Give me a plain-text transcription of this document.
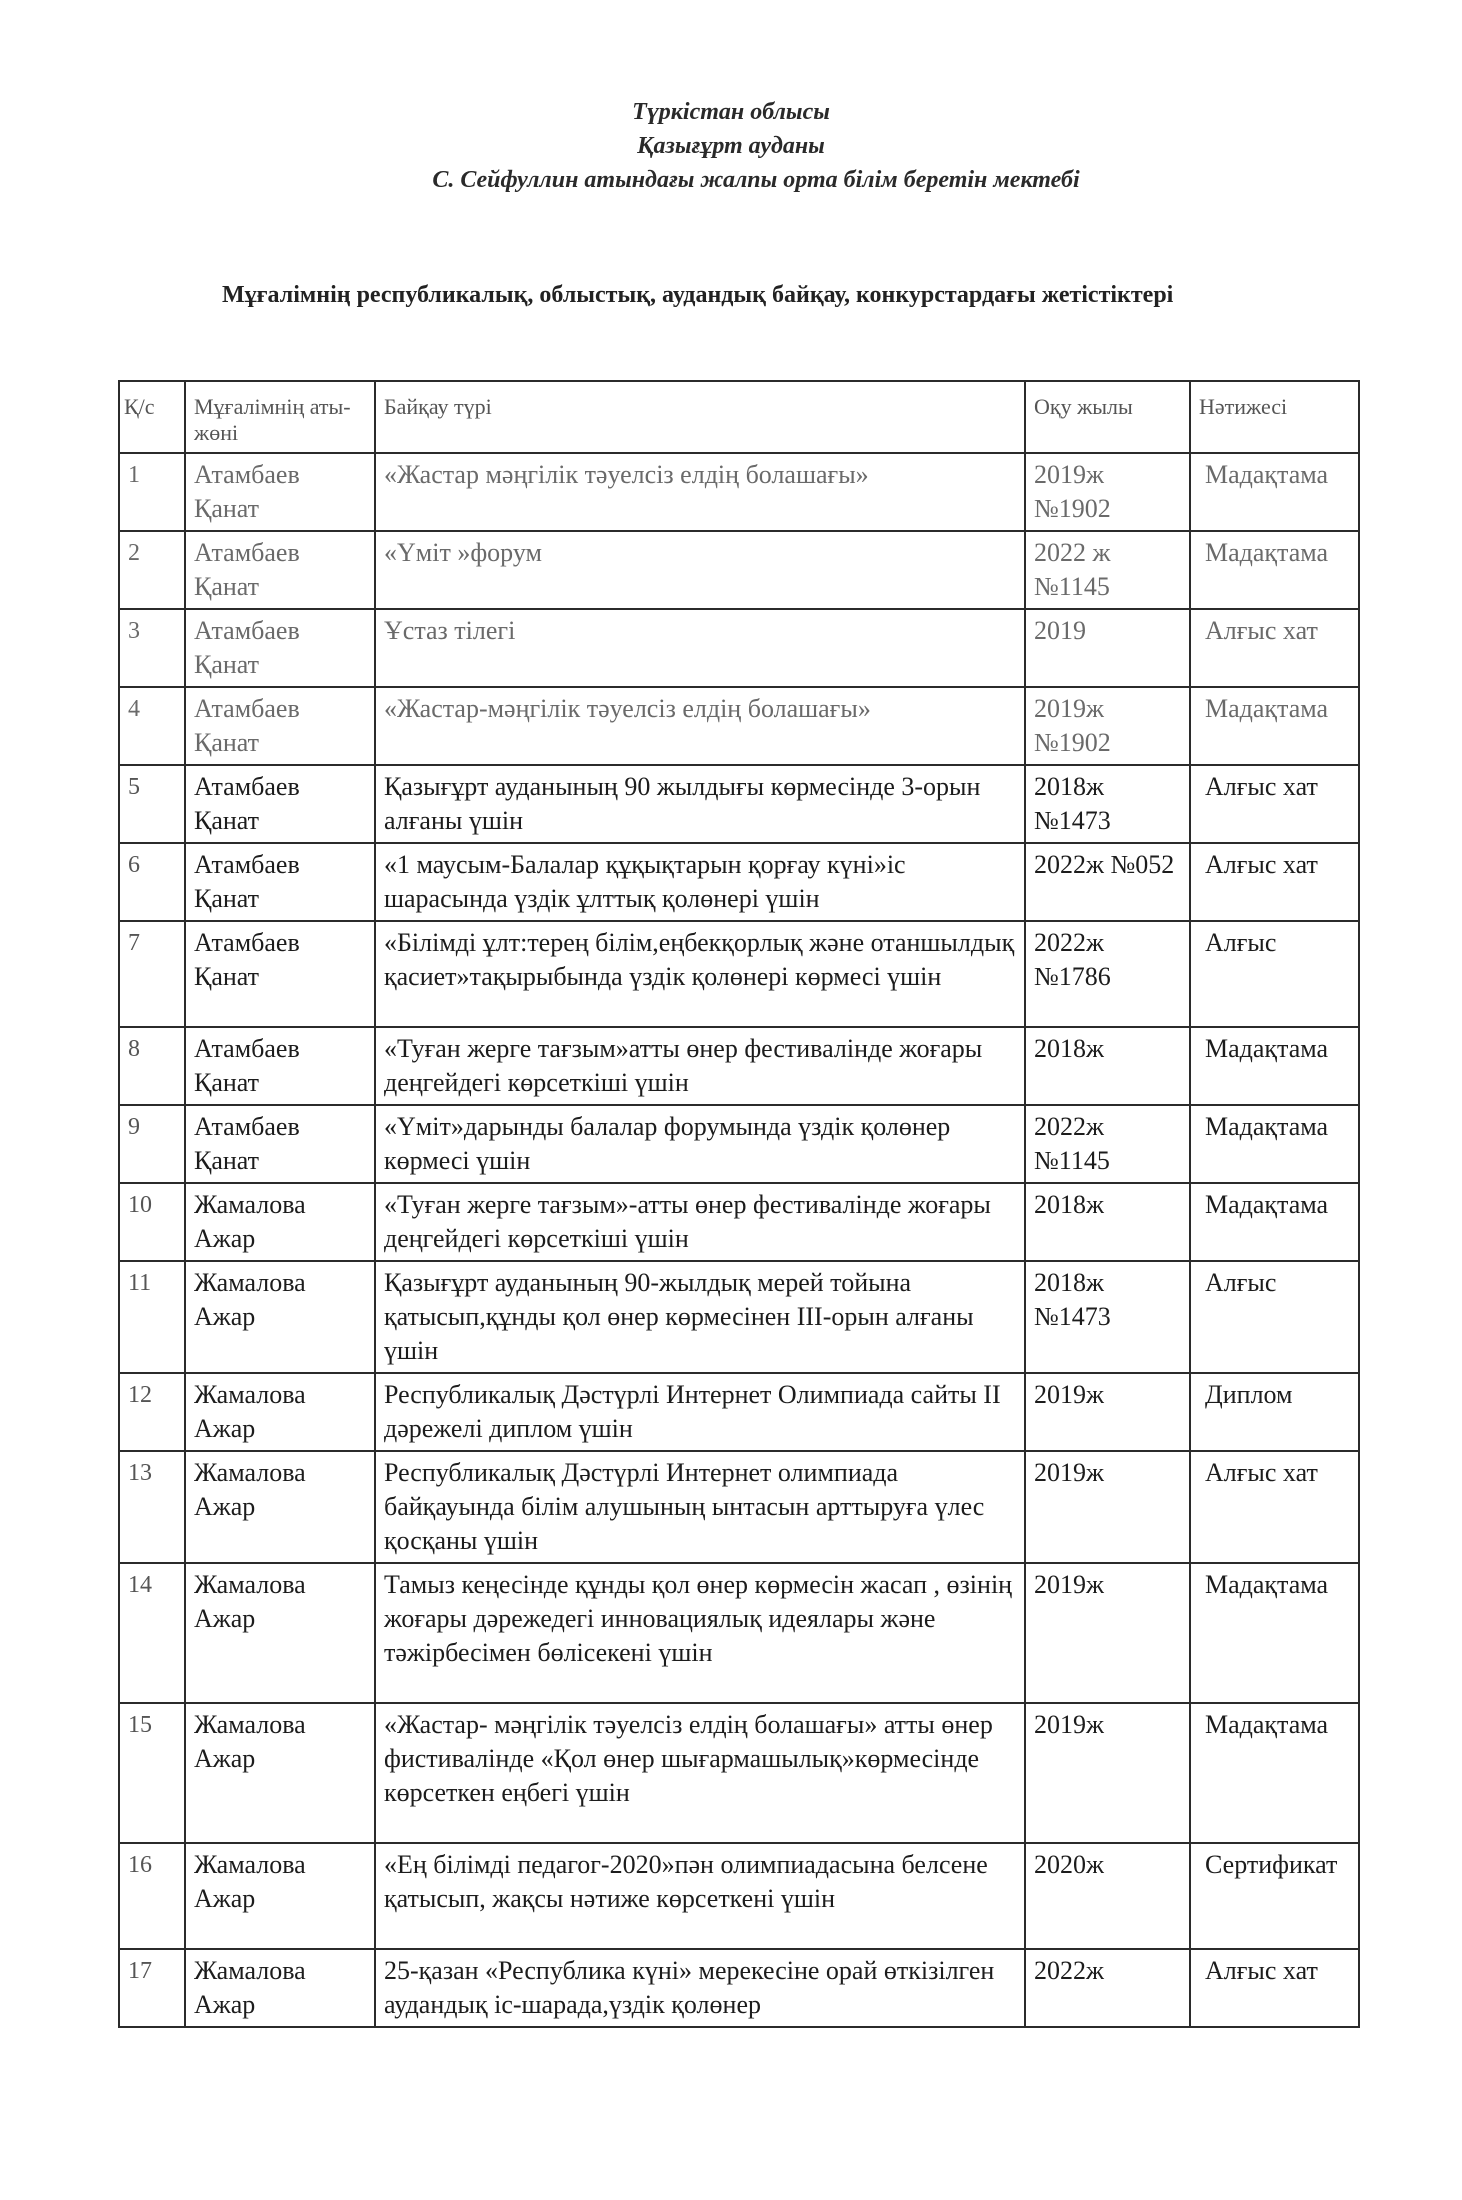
Түркістан облысы
Қазығұрт ауданы
С. Сейфуллин атындағы жалпы орта білім беретін мектебі
Мұғалімнің республикалық, облыстық, аудандық байқау, конкурстардағы жетістіктері
Қ/с	Мұғалімнің аты-жөні	Байқау түрі	Оқу жылы	Нәтижесі
1	Атамбаев Қанат	«Жастар мәңгілік тәуелсіз елдің болашағы»	2019ж №1902	Мадақтама
2	Атамбаев Қанат	«Үміт »форум	2022 ж №1145	Мадақтама
3	Атамбаев Қанат	Ұстаз тілегі	2019	Алғыс хат
4	Атамбаев Қанат	«Жастар-мәңгілік тәуелсіз елдің болашағы»	2019ж №1902	Мадақтама
5	Атамбаев Қанат	Қазығұрт ауданының 90 жылдығы көрмесінде 3-орын алғаны үшін	2018ж №1473	Алғыс хат
6	Атамбаев Қанат	«1 маусым-Балалар құқықтарын қорғау күні»іс шарасында үздік ұлттық қолөнері үшін	2022ж №052	Алғыс хат
7	Атамбаев Қанат	«Білімді ұлт:терең білім,еңбекқорлық және отаншылдық қасиет»тақырыбында үздік қолөнері көрмесі үшін	2022ж №1786	Алғыс
8	Атамбаев Қанат	«Туған жерге тағзым»атты өнер фестивалінде жоғары деңгейдегі көрсеткіші үшін	2018ж	Мадақтама
9	Атамбаев Қанат	«Үміт»дарынды балалар форумында үздік қолөнер көрмесі үшін	2022ж №1145	Мадақтама
10	Жамалова Ажар	«Туған жерге тағзым»-атты өнер фестивалінде жоғары деңгейдегі көрсеткіші үшін	2018ж	Мадақтама
11	Жамалова Ажар	Қазығұрт ауданының 90-жылдық мерей тойына қатысып,құнды қол өнер көрмесінен III-орын алғаны үшін	2018ж №1473	Алғыс
12	Жамалова Ажар	Республикалық Дәстүрлі Интернет Олимпиада сайты II дәрежелі диплом үшін	2019ж	Диплом
13	Жамалова Ажар	Республикалық Дәстүрлі Интернет олимпиада байқауында білім алушының ынтасын арттыруға үлес қосқаны үшін	2019ж	Алғыс хат
14	Жамалова Ажар	Тамыз кеңесінде құнды қол өнер көрмесін жасап , өзінің жоғары дәрежедегі инновациялық идеялары және тәжірбесімен бөлісекені үшін	2019ж	Мадақтама
15	Жамалова Ажар	«Жастар- мәңгілік тәуелсіз елдің болашағы» атты өнер фистивалінде «Қол өнер шығармашылық»көрмесінде көрсеткен еңбегі үшін	2019ж	Мадақтама
16	Жамалова Ажар	«Ең білімді педагог-2020»пән олимпиадасына белсене қатысып, жақсы нәтиже көрсеткені үшін	2020ж	Сертификат
17	Жамалова Ажар	25-қазан «Республика күні» мерекесіне орай өткізілген аудандық іс-шарада,үздік қолөнер	2022ж	Алғыс хат
